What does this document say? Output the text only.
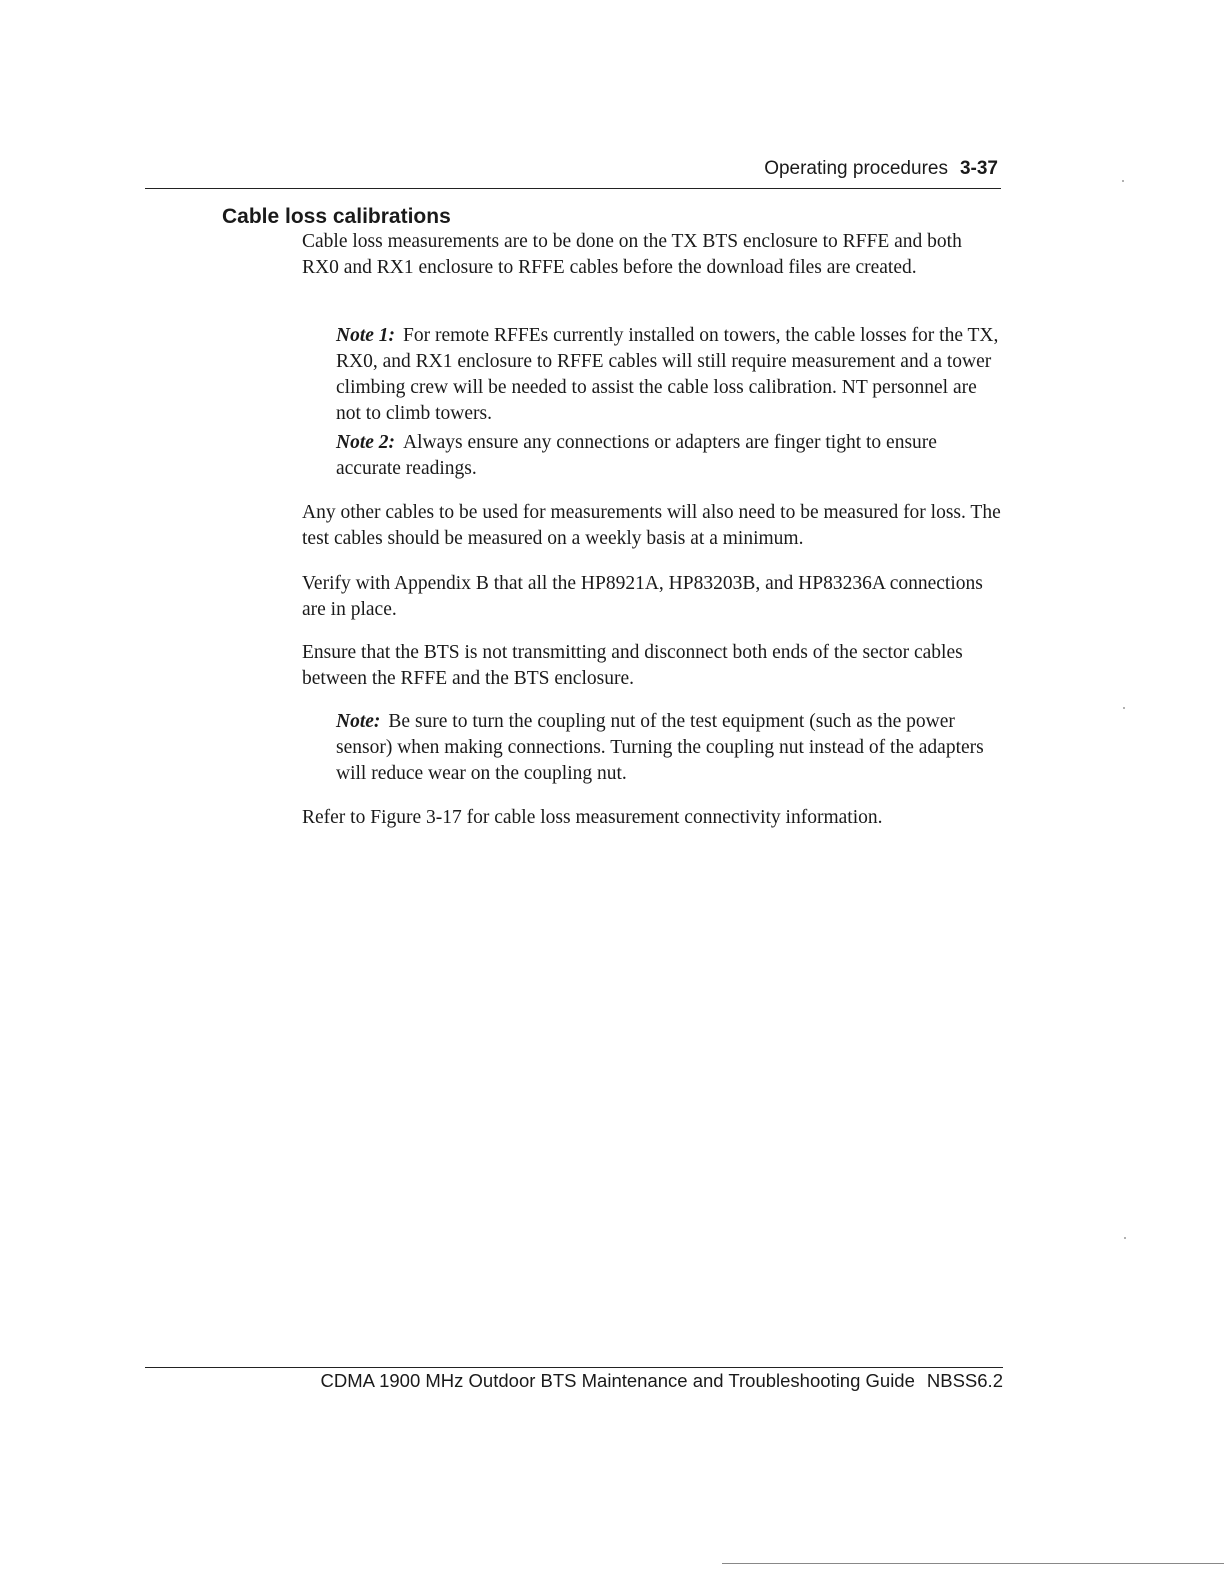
Operating procedures 3-37
Cable loss calibrations

Cable loss measurements are to be done on the TX BTS enclosure to RFFE and both RX0 and RX1 enclosure to RFFE cables before the download files are created.

Note 1: For remote RFFEs currently installed on towers, the cable losses for the TX, RX0, and RX1 enclosure to RFFE cables will still require measurement and a tower climbing crew will be needed to assist the cable loss calibration. NT personnel are not to climb towers.

Note 2: Always ensure any connections or adapters are finger tight to ensure accurate readings.

Any other cables to be used for measurements will also need to be measured for loss. The test cables should be measured on a weekly basis at a minimum.

Verify with Appendix B that all the HP8921A, HP83203B, and HP83236A connections are in place.

Ensure that the BTS is not transmitting and disconnect both ends of the sector cables between the RFFE and the BTS enclosure.

Note: Be sure to turn the coupling nut of the test equipment (such as the power sensor) when making connections. Turning the coupling nut instead of the adapters will reduce wear on the coupling nut.

Refer to Figure 3-17 for cable loss measurement connectivity information.

CDMA 1900 MHz Outdoor BTS Maintenance and Troubleshooting Guide NBSS6.2
